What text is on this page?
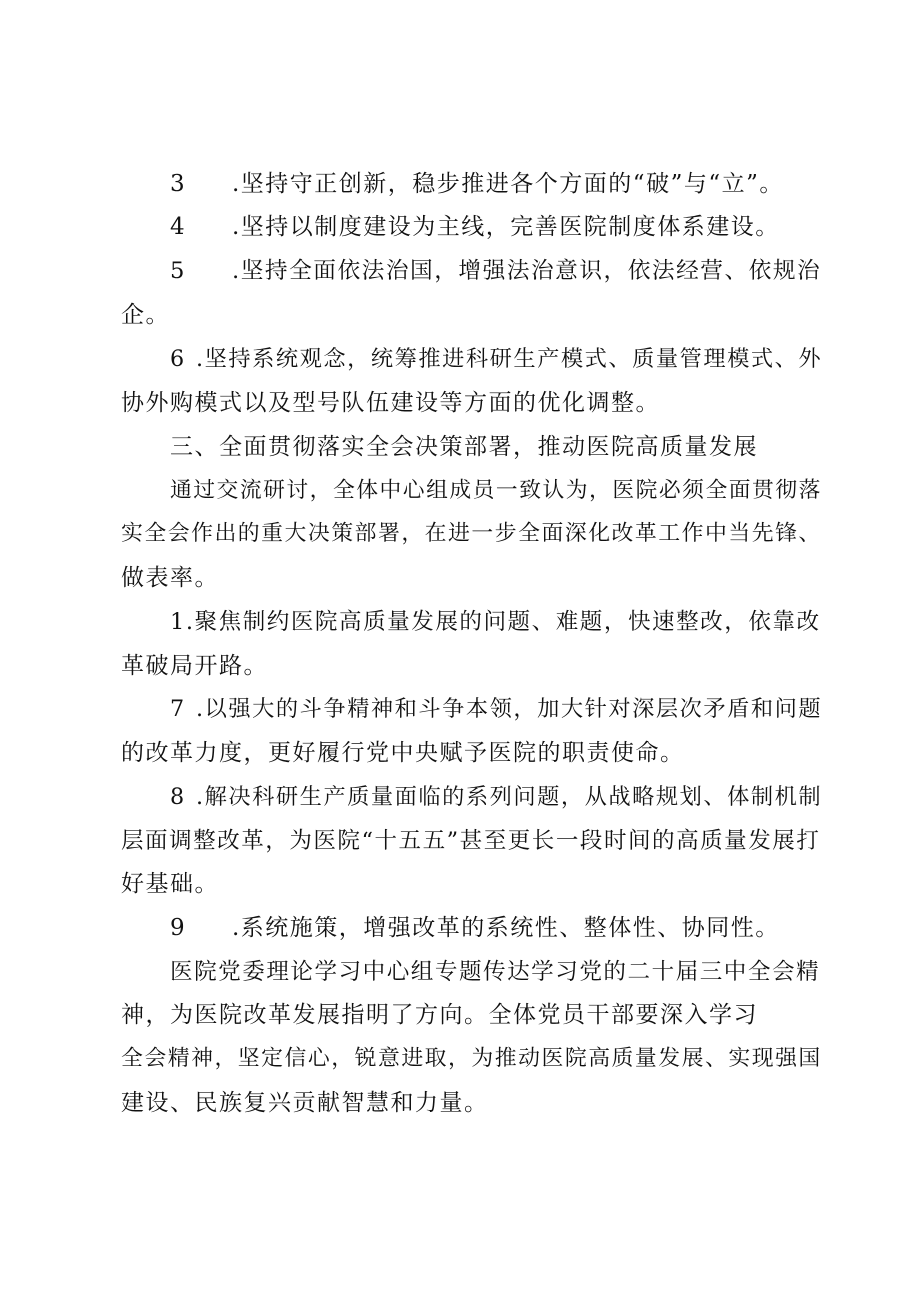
3 .坚持守正创新，稳步推进各个方面的“破”与“立”。
4 .坚持以制度建设为主线，完善医院制度体系建设。
5 .坚持全面依法治国，增强法治意识，依法经营、依规治
企。
6 .坚持系统观念，统筹推进科研生产模式、质量管理模式、外
协外购模式以及型号队伍建设等方面的优化调整。
三、全面贯彻落实全会决策部署，推动医院高质量发展
通过交流研讨，全体中心组成员一致认为，医院必须全面贯彻落
实全会作出的重大决策部署，在进一步全面深化改革工作中当先锋、
做表率。
1.聚焦制约医院高质量发展的问题、难题，快速整改，依靠改
革破局开路。
7 .以强大的斗争精神和斗争本领，加大针对深层次矛盾和问题
的改革力度，更好履行党中央赋予医院的职责使命。
8 .解决科研生产质量面临的系列问题，从战略规划、体制机制
层面调整改革，为医院“十五五”甚至更长一段时间的高质量发展打
好基础。
9 .系统施策，增强改革的系统性、整体性、协同性。
医院党委理论学习中心组专题传达学习党的二十届三中全会精
神，为医院改革发展指明了方向。全体党员干部要深入学习
全会精神，坚定信心，锐意进取，为推动医院高质量发展、实现强国
建设、民族复兴贡献智慧和力量。
